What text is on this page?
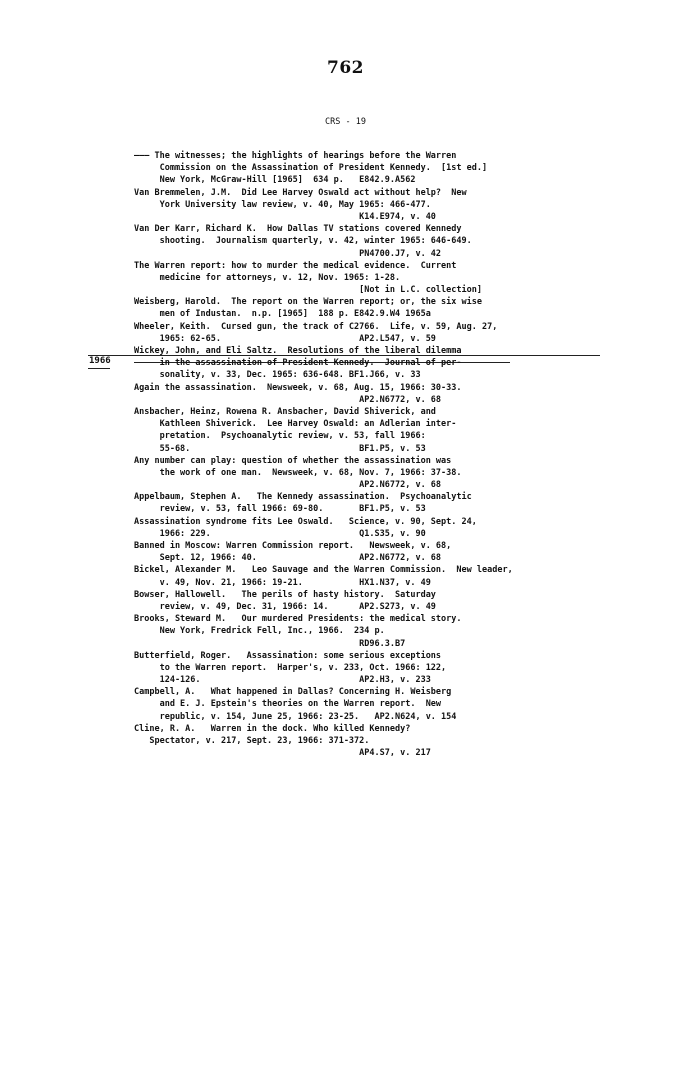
762
CRS - 19
1966
——— The witnesses; the highlights of hearings before the Warren
Commission on the Assassination of President Kennedy.  [1st ed.]
New York, McGraw-Hill [1965]  634 p.   E842.9.A562
Van Bremmelen, J.M.  Did Lee Harvey Oswald act without help?  New
York University law review, v. 40, May 1965: 466-477.
K14.E974, v. 40
Van Der Karr, Richard K.  How Dallas TV stations covered Kennedy
shooting.  Journalism quarterly, v. 42, winter 1965: 646-649.
PN4700.J7, v. 42
The Warren report: how to murder the medical evidence.  Current
medicine for attorneys, v. 12, Nov. 1965: 1-28.
[Not in L.C. collection]
Weisberg, Harold.  The report on the Warren report; or, the six wise
men of Industan.  n.p. [1965]  188 p. E842.9.W4 1965a
Wheeler, Keith.  Cursed gun, the track of C2766.  Life, v. 59, Aug. 27,
1965: 62-65.                           AP2.L547, v. 59
Wickey, John, and Eli Saltz.  Resolutions of the liberal dilemma
in the assassination of President Kennedy.  Journal of per-
sonality, v. 33, Dec. 1965: 636-648. BF1.J66, v. 33
Again the assassination.  Newsweek, v. 68, Aug. 15, 1966: 30-33.
AP2.N6772, v. 68
Ansbacher, Heinz, Rowena R. Ansbacher, David Shiverick, and
Kathleen Shiverick.  Lee Harvey Oswald: an Adlerian inter-
pretation.  Psychoanalytic review, v. 53, fall 1966:
55-68.                                 BF1.P5, v. 53
Any number can play: question of whether the assassination was
the work of one man.  Newsweek, v. 68, Nov. 7, 1966: 37-38.
AP2.N6772, v. 68
Appelbaum, Stephen A.   The Kennedy assassination.  Psychoanalytic
review, v. 53, fall 1966: 69-80.       BF1.P5, v. 53
Assassination syndrome fits Lee Oswald.   Science, v. 90, Sept. 24,
1966: 229.                             Q1.S35, v. 90
Banned in Moscow: Warren Commission report.   Newsweek, v. 68,
Sept. 12, 1966: 40.                    AP2.N6772, v. 68
Bickel, Alexander M.   Leo Sauvage and the Warren Commission.  New leader,
v. 49, Nov. 21, 1966: 19-21.           HX1.N37, v. 49
Bowser, Hallowell.   The perils of hasty history.  Saturday
review, v. 49, Dec. 31, 1966: 14.      AP2.S273, v. 49
Brooks, Steward M.   Our murdered Presidents: the medical story.
New York, Fredrick Fell, Inc., 1966.  234 p.
RD96.3.B7
Butterfield, Roger.   Assassination: some serious exceptions
to the Warren report.  Harper's, v. 233, Oct. 1966: 122,
124-126.                               AP2.H3, v. 233
Campbell, A.   What happened in Dallas? Concerning H. Weisberg
and E. J. Epstein's theories on the Warren report.  New
republic, v. 154, June 25, 1966: 23-25.   AP2.N624, v. 154
Cline, R. A.   Warren in the dock. Who killed Kennedy?
Spectator, v. 217, Sept. 23, 1966: 371-372.
AP4.S7, v. 217
